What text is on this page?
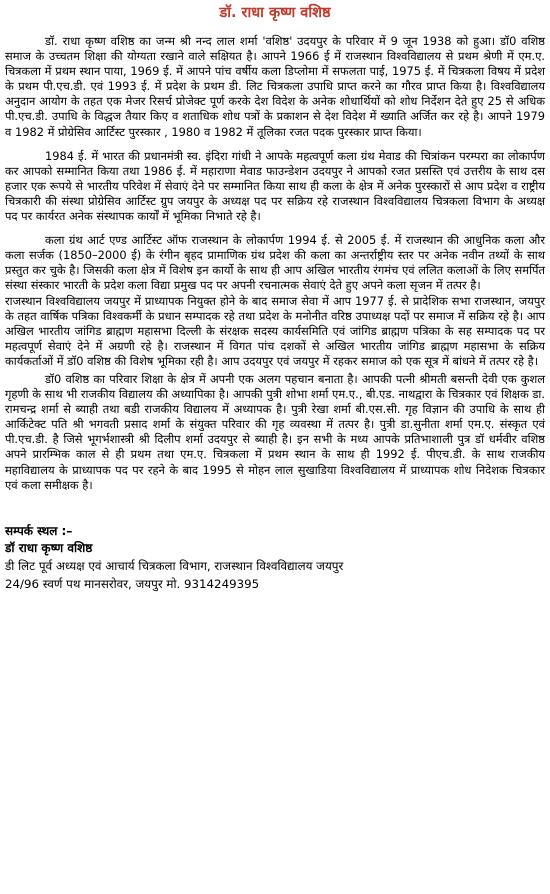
डॉ. राधा कृष्ण वशिष्ठ

डॉ. राधा कृष्ण वशिष्ठ का जन्म श्री नन्द लाल शर्मा 'वशिष्ठ' उदयपुर के परिवार में 9 जून 1938 को हुआ। डॉ0 वशिष्ठ समाज के उच्चतम शिक्षा की योग्यता रखाने वाले सक्षियत है। आपने 1966 ई में राजस्थान विश्वविद्यालय से प्रथम श्रेणी में एम.ए. चित्रकला में प्रथम स्थान पाया, 1969 ई. में आपने पांच वर्षीय कला डिप्लोमा में सफलता पाई, 1975 ई. में चित्रकला विषय में प्रदेश के प्रथम पी.एच.डी. एवं 1993 ई. में प्रदेश के प्रथम डी. लिट चित्रकला उपाधि प्राप्त करने का गौरव प्राप्त किया है। विश्वविद्यालय अनुदान आयोग के तहत एक मेजर रिसर्च प्रोजेक्ट पूर्ण करके देश विदेश के अनेक शोधार्थियों को शोध निर्देशन देते हुए 25 से अधिक पी.एच.डी. उपाधि के विद्धज तैयार किए व शताधिक शोध पत्रों के प्रकाशन से देश विदेश में ख्याति अर्जित कर रहे है। आपने 1979 व 1982 में प्रोग्रेसिव आर्टिस्ट पुरस्कार , 1980 व 1982 में तूलिका रजत पदक पुरस्कार प्राप्त किया।

1984 ई. में भारत की प्रधानमंत्री स्व. इंदिरा गांधी ने आपके महत्वपूर्ण कला ग्रंथ मेवाड की चित्रांकन परम्परा का लोकार्पण कर आपको सम्मानित किया तथा 1986 ई. में महाराणा मेवाड फाउन्डेशन उदयपुर ने आपको रजत प्रसस्ति एवं उत्तरीय के साथ दस हजार एक रूपये से भारतीय परिवेश में सेवाएं देने पर सम्मानित किया साथ ही कला के क्षेत्र में अनेक पुरस्कारों से आप प्रदेश व राष्ट्रीय चित्रकारी की संस्था प्रोग्रेसिव आर्टिस्ट ग्रुप जयपुर के अध्यक्ष पद पर सक्रिय रहे राजस्थान विश्वविद्यालय चित्रकला विभाग के अध्यक्ष पद पर कार्यरत अनेक संस्थापक कार्यों में भूमिका निभाते रहे है।

कला ग्रंथ आर्ट एण्ड आर्टिस्ट ऑफ राजस्थान के लोकार्पण 1994 ई. से 2005 ई. में राजस्थान की आधुनिक कला और कला सर्जक (1850–2000 ई) के रंगीन बृहद प्रामाणिक ग्रंथ प्रदेश की कला का अन्तर्राष्ट्रीय स्तर पर अनेक नवीन तथ्यों के साथ प्रस्तुत कर चुके है। जिसकी कला क्षेत्र में विशेष इन कार्यो के साथ ही आप अखिल भारतीय रंगमंच एवं ललित कलाओं के लिए समर्पित संस्था संस्कार भारती के प्रदेश कला विद्या प्रमुख पद पर अपनी रचनात्मक सेवाएं देते हुए अपने कला सृजन में तत्पर है।

राजस्थान विश्वविद्यालय जयपुर में प्राध्यापक नियुक्त होने के बाद समाज सेवा में आप 1977 ई. से प्रादेशिक सभा राजस्थान, जयपुर के तहत वार्षिक पत्रिका विश्वकर्मी के प्रधान सम्पादक रहे तथा प्रदेश के मनोनीत वरिष्ठ उपाध्यक्ष पदों पर समाज में सक्रिय रहे है। आप अखिल भारतीय जांगिड ब्राह्मण महासभा दिल्ली के संरक्षक सदस्य कार्यसमिति एवं जांगिड ब्राह्मण पत्रिका के सह सम्पादक पद पर महत्वपूर्ण सेवाएं देने में अग्रणी रहे है। राजस्थान में विगत पांच दशकों से अखिल भारतीय जांगिड ब्राह्मण महासभा के सक्रिय कार्यकर्ताओं में डॉ0 वशिष्ठ की विशेष भूमिका रही है। आप उदयपुर एवं जयपुर में रहकर समाज को एक सूत्र में बांधने में तत्पर रहे है।

डॉ0 वशिष्ठ का परिवार शिक्षा के क्षेत्र में अपनी एक अलग पहचान बनाता है। आपकी पत्नी श्रीमती बसन्ती देवी एक कुशल गृहणी के साथ भी राजकीय विद्यालय की अध्यापिका है। आपकी पुत्री शोभा शर्मा एम.ए., बी.एड. नाथद्वारा के चित्रकार एवं शिक्षक डा. रामचन्द्र शर्मा से ब्याही तथा बडी राजकीय विद्यालय में अध्यापक है। पुत्री रेखा शर्मा बी.एस.सी. गृह विज्ञान की उपाधि के साथ ही आर्किटेक्ट पति श्री भगवती प्रसाद शर्मा के संयुक्त परिवार की गृह व्यवस्था में तत्पर है। पुत्री डा.सुनीता शर्मा एम.ए. संस्कृत एवं पी.एच.डी. है जिसे भूगर्भशास्त्री श्री दिलीप शर्मा उदयपुर से ब्याही है। इन सभी के मध्य आपके प्रतिभाशाली पुत्र डॉ धर्मवीर वशिष्ठ अपने प्रारम्भिक काल से ही प्रथम तथा एम.ए. चित्रकला में प्रथम स्थान के साथ ही 1992 ई. पीएच.डी. के साथ राजकीय महाविद्यालय के प्राध्यापक पद पर रहने के बाद 1995 से मोहन लाल सुखाडिया विश्वविद्यालय में प्राध्यापक शोध निदेशक चित्रकार एवं कला समीक्षक है।

सम्पर्क स्थल :–
डॉ राधा कृष्ण वशिष्ठ
डी लिट पूर्व अध्यक्ष एवं आचार्य चित्रकला विभाग, राजस्थान विश्वविद्यालय जयपुर
24/96 स्वर्ण पथ मानसरोवर, जयपुर मो. 9314249395
